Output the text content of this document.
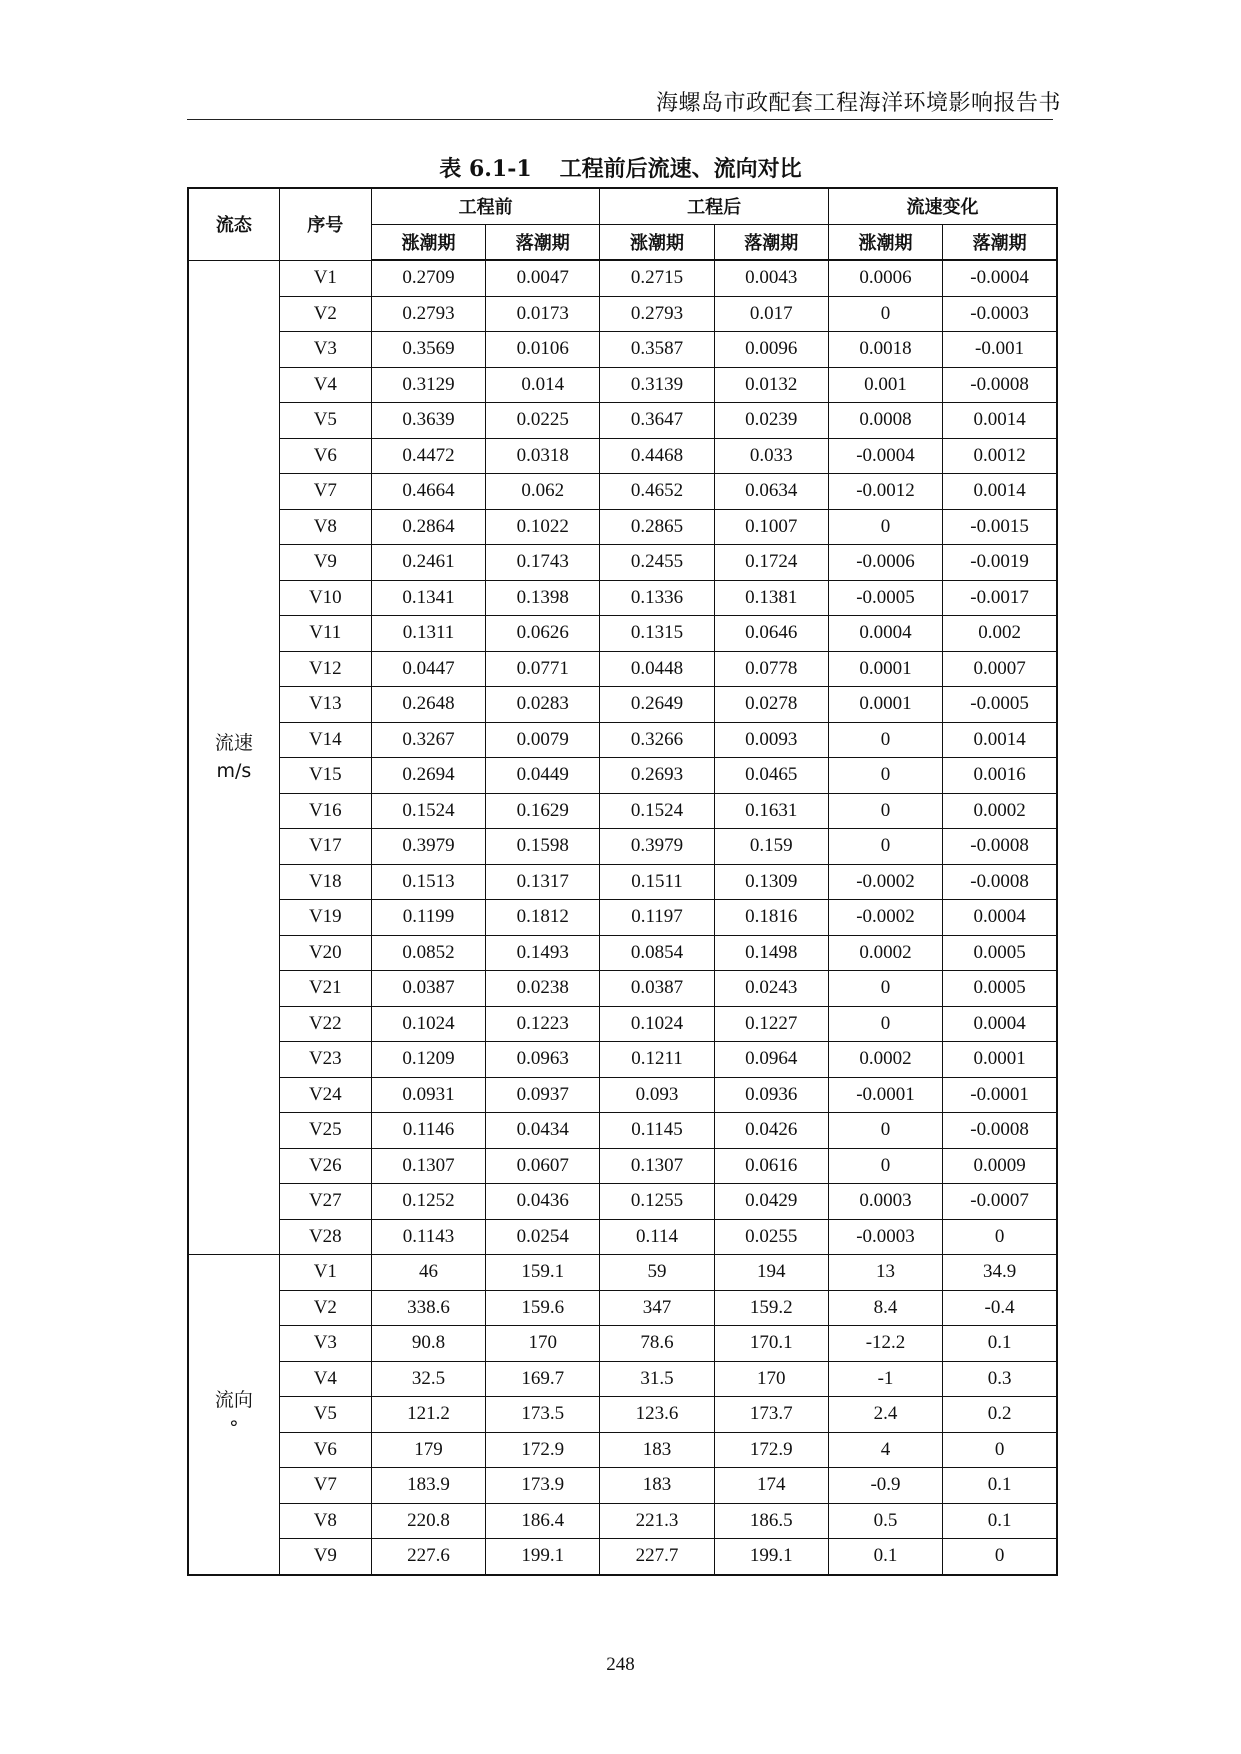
海螺岛市政配套工程海洋环境影响报告书
表 6.1-1 工程前后流速、流向对比
流态	序号	工程前		工程后		流速变化	
		涨潮期	落潮期	涨潮期	落潮期	涨潮期	落潮期

流速
m/s	V1	0.2709	0.0047	0.2715	0.0043	0.0006	-0.0004
	V2	0.2793	0.0173	0.2793	0.017	0	-0.0003
	V3	0.3569	0.0106	0.3587	0.0096	0.0018	-0.001
	V4	0.3129	0.014	0.3139	0.0132	0.001	-0.0008
	V5	0.3639	0.0225	0.3647	0.0239	0.0008	0.0014
	V6	0.4472	0.0318	0.4468	0.033	-0.0004	0.0012
	V7	0.4664	0.062	0.4652	0.0634	-0.0012	0.0014
	V8	0.2864	0.1022	0.2865	0.1007	0	-0.0015
	V9	0.2461	0.1743	0.2455	0.1724	-0.0006	-0.0019
	V10	0.1341	0.1398	0.1336	0.1381	-0.0005	-0.0017
	V11	0.1311	0.0626	0.1315	0.0646	0.0004	0.002
	V12	0.0447	0.0771	0.0448	0.0778	0.0001	0.0007
	V13	0.2648	0.0283	0.2649	0.0278	0.0001	-0.0005
	V14	0.3267	0.0079	0.3266	0.0093	0	0.0014
	V15	0.2694	0.0449	0.2693	0.0465	0	0.0016
	V16	0.1524	0.1629	0.1524	0.1631	0	0.0002
	V17	0.3979	0.1598	0.3979	0.159	0	-0.0008
	V18	0.1513	0.1317	0.1511	0.1309	-0.0002	-0.0008
	V19	0.1199	0.1812	0.1197	0.1816	-0.0002	0.0004
	V20	0.0852	0.1493	0.0854	0.1498	0.0002	0.0005
	V21	0.0387	0.0238	0.0387	0.0243	0	0.0005
	V22	0.1024	0.1223	0.1024	0.1227	0	0.0004
	V23	0.1209	0.0963	0.1211	0.0964	0.0002	0.0001
	V24	0.0931	0.0937	0.093	0.0936	-0.0001	-0.0001
	V25	0.1146	0.0434	0.1145	0.0426	0	-0.0008
	V26	0.1307	0.0607	0.1307	0.0616	0	0.0009
	V27	0.1252	0.0436	0.1255	0.0429	0.0003	-0.0007
	V28	0.1143	0.0254	0.114	0.0255	-0.0003	0

流向
°	V1	46	159.1	59	194	13	34.9
	V2	338.6	159.6	347	159.2	8.4	-0.4
	V3	90.8	170	78.6	170.1	-12.2	0.1
	V4	32.5	169.7	31.5	170	-1	0.3
	V5	121.2	173.5	123.6	173.7	2.4	0.2
	V6	179	172.9	183	172.9	4	0
	V7	183.9	173.9	183	174	-0.9	0.1
	V8	220.8	186.4	221.3	186.5	0.5	0.1
	V9	227.6	199.1	227.7	199.1	0.1	0
248
